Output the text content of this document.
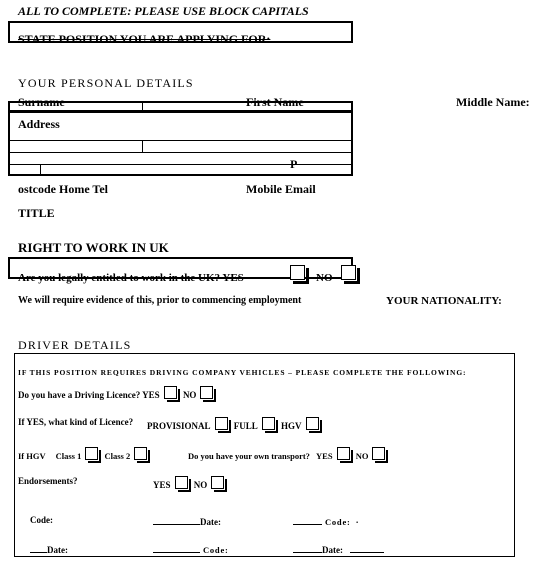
ALL TO COMPLETE: PLEASE USE BLOCK CAPITALS
STATE POSITION YOU ARE APPLYING FOR:
YOUR PERSONAL DETAILS
Surname	First Name	Middle Name:
Address
P
ostcode Home Tel	Mobile Email
TITLE
RIGHT TO WORK IN UK
Are you legally entitled to work in the UK? YES	NO
We will require evidence of this, prior to commencing employment	YOUR NATIONALITY:
DRIVER DETAILS
IF THIS POSITION REQUIRES DRIVING COMPANY VEHICLES – PLEASE COMPLETE THE FOLLOWING:
Do you have a Driving Licence? YES	NO
If YES, what kind of Licence? PROVISIONAL	FULL	HGV
If HGV Class 1	Class 2	Do you have your own transport? YES	NO
Endorsements?	YES	NO
Code:	Date:	Code: .
Date:	Code:	Date:
